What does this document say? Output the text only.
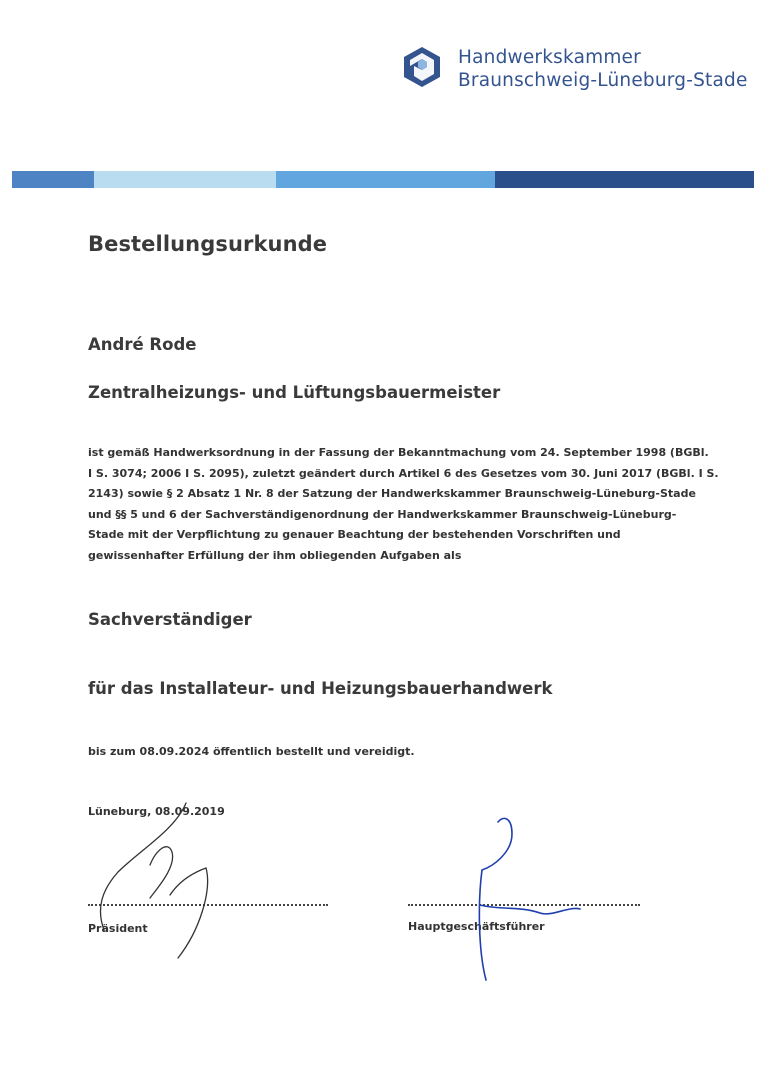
Handwerkskammer
Braunschweig-Lüneburg-Stade
Bestellungsurkunde
André Rode
Zentralheizungs- und Lüftungsbauermeister
ist gemäß Handwerksordnung in der Fassung der Bekanntmachung vom 24. September 1998 (BGBl.
I S. 3074; 2006 I S. 2095), zuletzt geändert durch Artikel 6 des Gesetzes vom 30. Juni 2017 (BGBl. I S.
2143) sowie § 2 Absatz 1 Nr. 8 der Satzung der Handwerkskammer Braunschweig-Lüneburg-Stade
und §§ 5 und 6 der Sachverständigenordnung der Handwerkskammer Braunschweig-Lüneburg-
Stade mit der Verpflichtung zu genauer Beachtung der bestehenden Vorschriften und
gewissenhafter Erfüllung der ihm obliegenden Aufgaben als
Sachverständiger
für das Installateur- und Heizungsbauerhandwerk
bis zum 08.09.2024 öffentlich bestellt und vereidigt.
Lüneburg, 08.09.2019
Präsident	Hauptgeschäftsführer
